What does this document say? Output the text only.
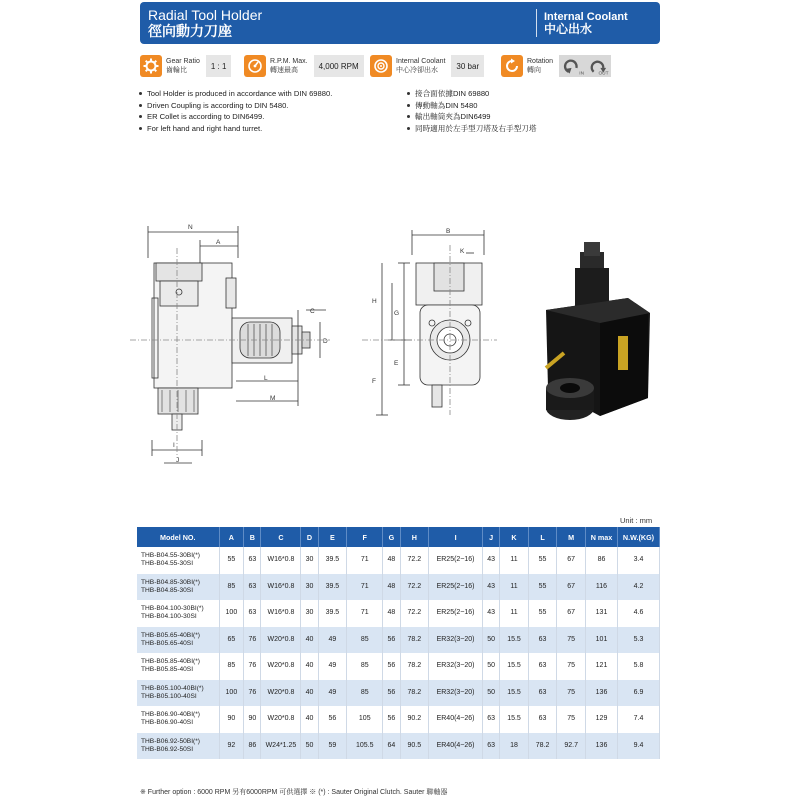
Radial Tool Holder
徑向動力刀座
Internal Coolant
中心出水
Gear Ratio
齒輪比	1 : 1	R.P.M. Max.
轉速最高	4,000 RPM	Internal Coolant
中心冷卻出水	30 bar	Rotation
轉向
IN	OUT
Tool Holder is produced in accordance with DIN 69880.
Driven Coupling is according to DIN 5480.
ER Collet is according to DIN6499.
For left hand and right hand turret.
接合面依據DIN 69880
傳動軸為DIN 5480
輸出軸筒夾為DIN6499
同時適用於左手型刀塔及右手型刀塔
N
A
C
D
L
M
I
J
B
K
H
G
E
F
Unit : mm
Model NO.	A	B	C	D	E	F	G	H	I	J	K	L	M	N max	N.W.(KG)

THB-B04.55-30BI(*)
THB-B04.55-30SI	55	63	W16*0.8	30	39.5	71	48	72.2	ER25(2~16)	43	11	55	67	86	3.4

THB-B04.85-30BI(*)
THB-B04.85-30SI	85	63	W16*0.8	30	39.5	71	48	72.2	ER25(2~16)	43	11	55	67	116	4.2

THB-B04.100-30BI(*)
THB-B04.100-30SI	100	63	W16*0.8	30	39.5	71	48	72.2	ER25(2~16)	43	11	55	67	131	4.6

THB-B05.65-40BI(*)
THB-B05.65-40SI	65	76	W20*0.8	40	49	85	56	78.2	ER32(3~20)	50	15.5	63	75	101	5.3

THB-B05.85-40BI(*)
THB-B05.85-40SI	85	76	W20*0.8	40	49	85	56	78.2	ER32(3~20)	50	15.5	63	75	121	5.8

THB-B05.100-40BI(*)
THB-B05.100-40SI	100	76	W20*0.8	40	49	85	56	78.2	ER32(3~20)	50	15.5	63	75	136	6.9

THB-B06.90-40BI(*)
THB-B06.90-40SI	90	90	W20*0.8	40	56	105	56	90.2	ER40(4~26)	63	15.5	63	75	129	7.4

THB-B06.92-50BI(*)
THB-B06.92-50SI	92	86	W24*1.25	50	59	105.5	64	90.5	ER40(4~26)	63	18	78.2	92.7	136	9.4
※ Further option : 6000 RPM 另有6000RPM 可供選擇 ※ (*) : Sauter Original Clutch. Sauter 聯軸器
